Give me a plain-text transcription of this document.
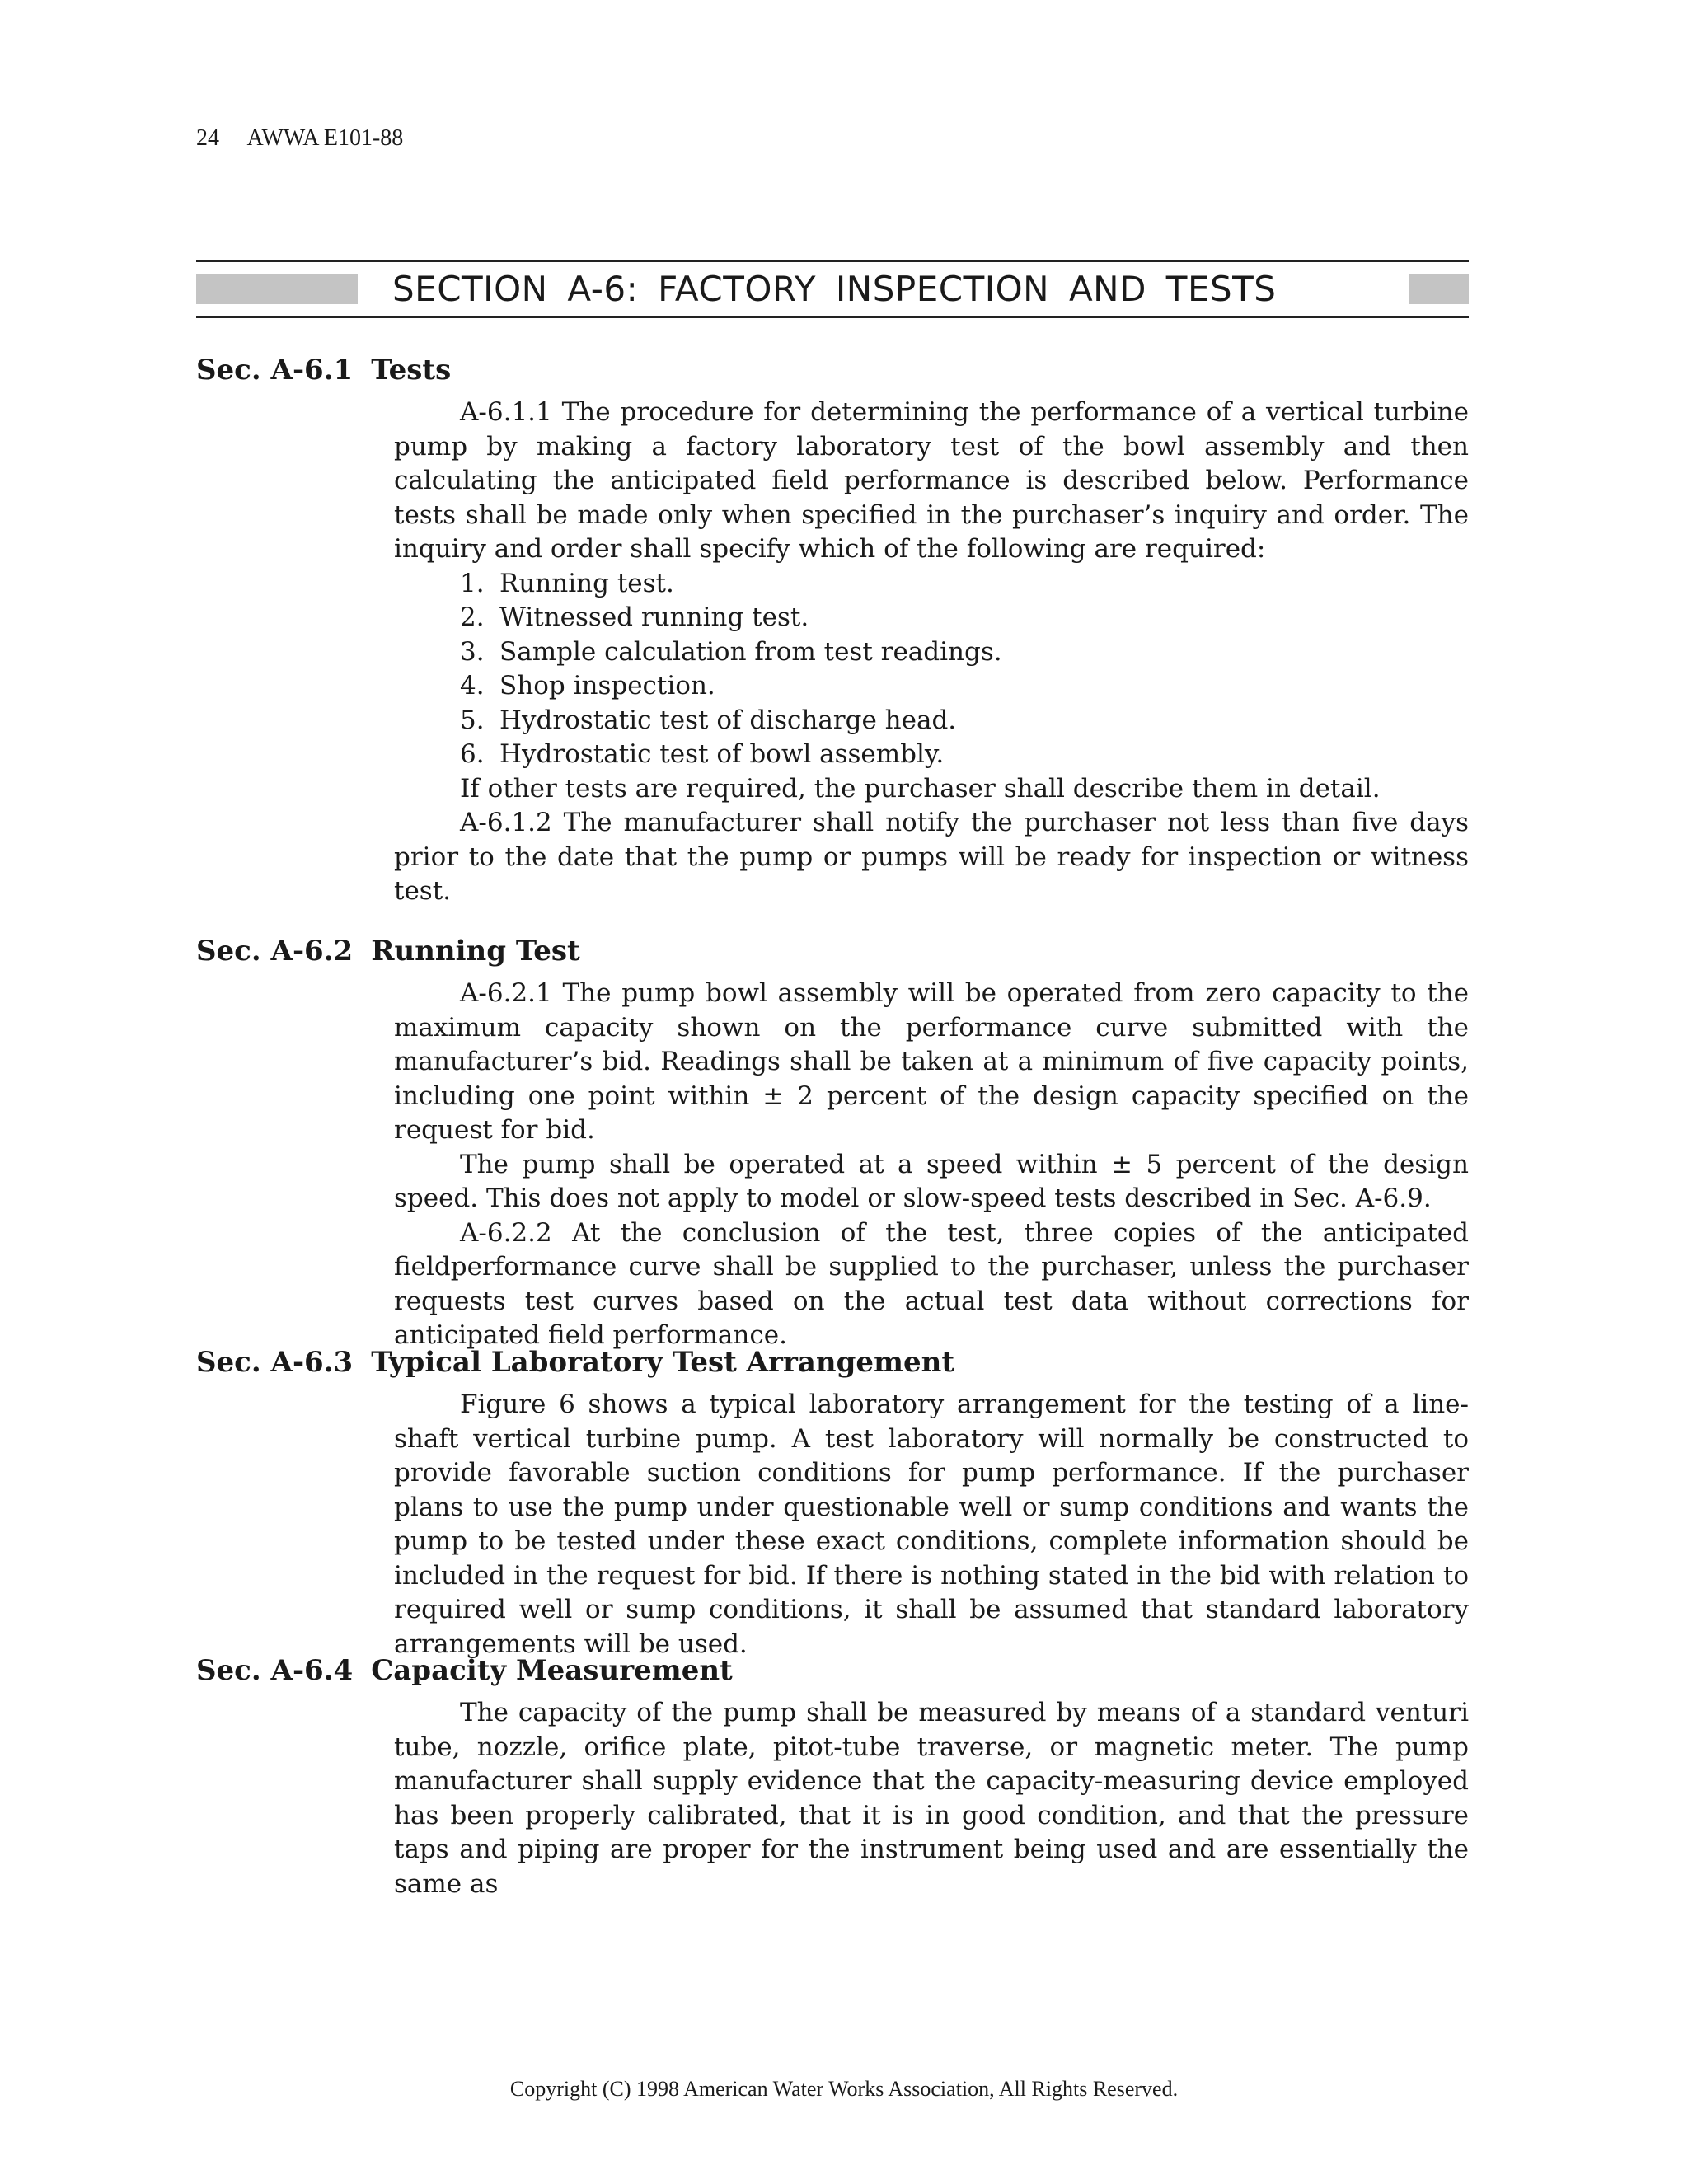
24 AWWA E101-88
SECTION A-6: FACTORY INSPECTION AND TESTS
Sec. A-6.1 Tests

A-6.1.1 The procedure for determining the performance of a vertical turbine pump by making a factory laboratory test of the bowl assembly and then calculating the anticipated field performance is described below. Performance tests shall be made only when specified in the purchaser’s inquiry and order. The inquiry and order shall specify which of the following are required:

1. Running test.
2. Witnessed running test.
3. Sample calculation from test readings.
4. Shop inspection.
5. Hydrostatic test of discharge head.
6. Hydrostatic test of bowl assembly.

If other tests are required, the purchaser shall describe them in detail.

A-6.1.2 The manufacturer shall notify the purchaser not less than five days prior to the date that the pump or pumps will be ready for inspection or witness test.

Sec. A-6.2 Running Test

A-6.2.1 The pump bowl assembly will be operated from zero capacity to the maximum capacity shown on the performance curve submitted with the manufacturer’s bid. Readings shall be taken at a minimum of five capacity points, including one point within ± 2 percent of the design capacity specified on the request for bid.

The pump shall be operated at a speed within ± 5 percent of the design speed. This does not apply to model or slow-speed tests described in Sec. A-6.9.

A-6.2.2 At the conclusion of the test, three copies of the anticipated fieldperformance curve shall be supplied to the purchaser, unless the purchaser requests test curves based on the actual test data without corrections for anticipated field performance.

Sec. A-6.3 Typical Laboratory Test Arrangement

Figure 6 shows a typical laboratory arrangement for the testing of a line-shaft vertical turbine pump. A test laboratory will normally be constructed to provide favorable suction conditions for pump performance. If the purchaser plans to use the pump under questionable well or sump conditions and wants the pump to be tested under these exact conditions, complete information should be included in the request for bid. If there is nothing stated in the bid with relation to required well or sump conditions, it shall be assumed that standard laboratory arrangements will be used.

Sec. A-6.4 Capacity Measurement

The capacity of the pump shall be measured by means of a standard venturi tube, nozzle, orifice plate, pitot-tube traverse, or magnetic meter. The pump manufacturer shall supply evidence that the capacity-measuring device employed has been properly calibrated, that it is in good condition, and that the pressure taps and piping are proper for the instrument being used and are essentially the same as

Copyright (C) 1998 American Water Works Association, All Rights Reserved.
